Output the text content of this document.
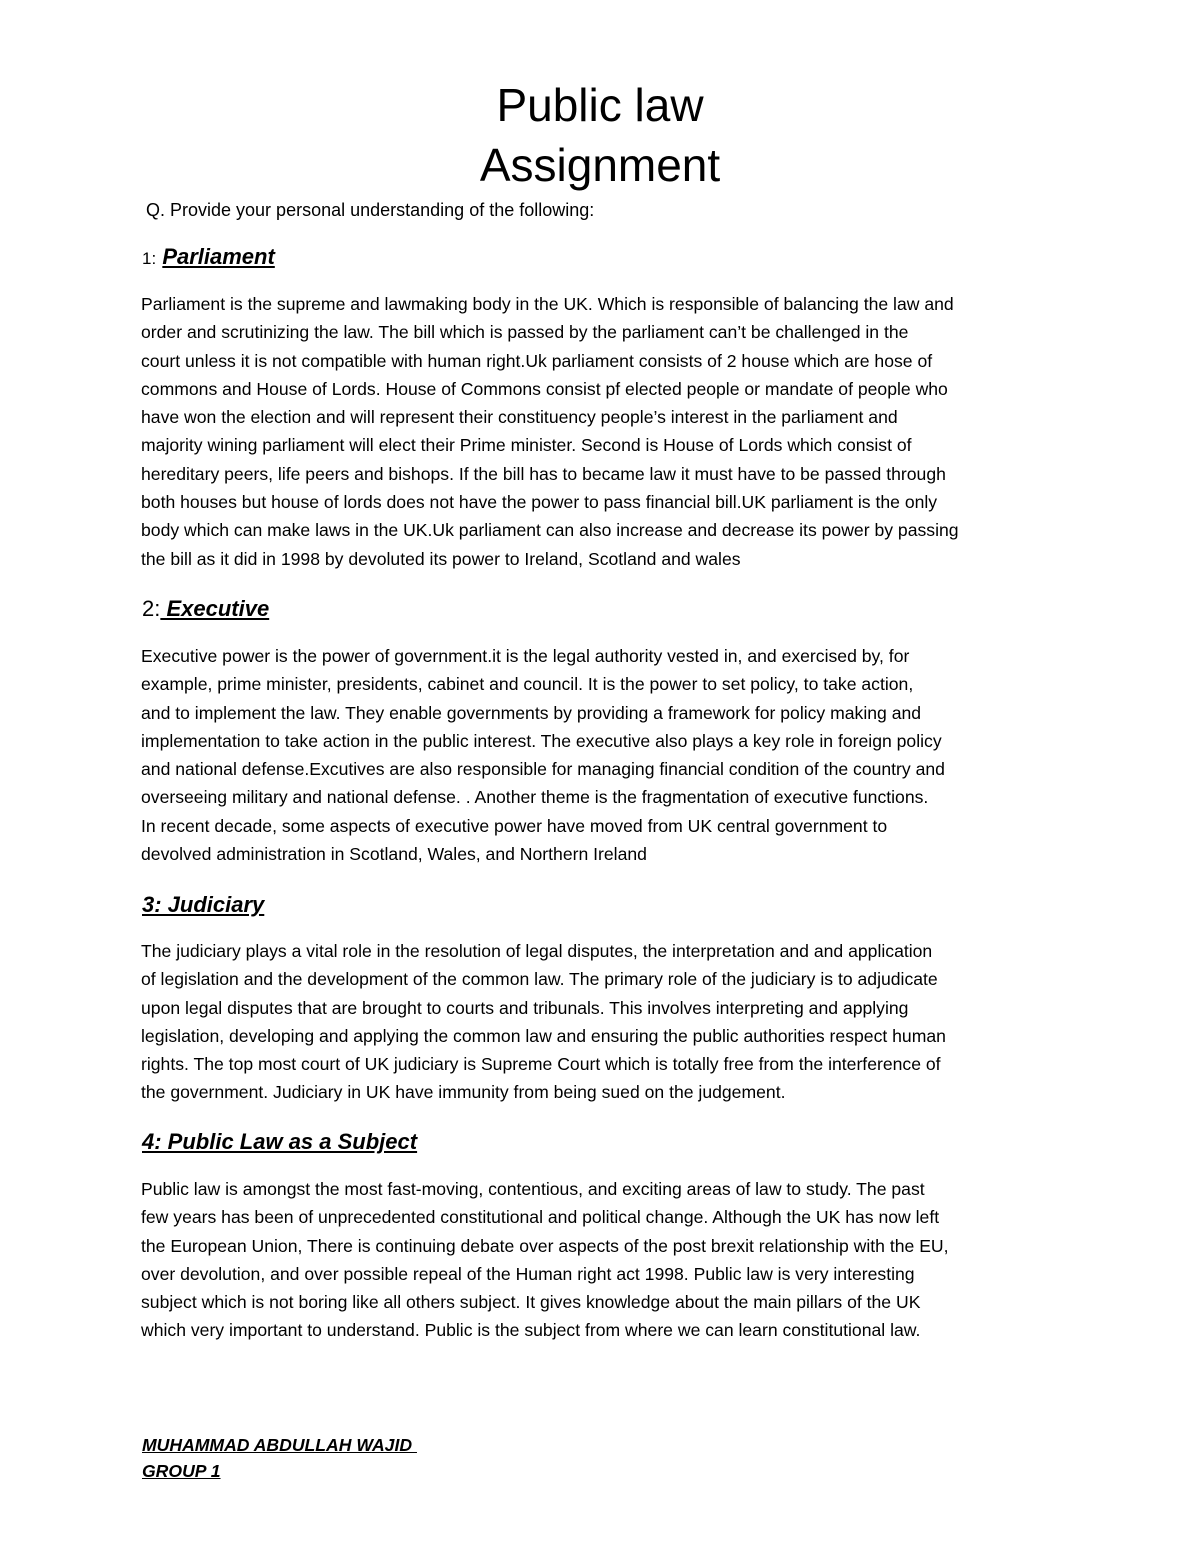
Public law
Assignment
Q. Provide your personal understanding of the following:
1: Parliament
Parliament is the supreme and lawmaking body in the UK. Which is responsible of balancing the law and
order and scrutinizing the law. The bill which is passed by the parliament can’t be challenged in the
court unless it is not compatible with human right.Uk parliament consists of 2 house which are hose of
commons and House of Lords. House of Commons consist pf elected people or mandate of people who
have won the election and will represent their constituency people’s interest in the parliament and
majority wining parliament will elect their Prime minister. Second is House of Lords which consist of
hereditary peers, life peers and bishops. If the bill has to became law it must have to be passed through
both houses but house of lords does not have the power to pass financial bill.UK parliament is the only
body which can make laws in the UK.Uk parliament can also increase and decrease its power by passing
the bill as it did in 1998 by devoluted its power to Ireland, Scotland and wales
2: Executive
Executive power is the power of government.it is the legal authority vested in, and exercised by, for
example, prime minister, presidents, cabinet and council. It is the power to set policy, to take action,
and to implement the law. They enable governments by providing a framework for policy making and
implementation to take action in the public interest. The executive also plays a key role in foreign policy
and national defense.Excutives are also responsible for managing financial condition of the country and
overseeing military and national defense. . Another theme is the fragmentation of executive functions.
In recent decade, some aspects of executive power have moved from UK central government to
devolved administration in Scotland, Wales, and Northern Ireland
3: Judiciary
The judiciary plays a vital role in the resolution of legal disputes, the interpretation and and application
of legislation and the development of the common law. The primary role of the judiciary is to adjudicate
upon legal disputes that are brought to courts and tribunals. This involves interpreting and applying
legislation, developing and applying the common law and ensuring the public authorities respect human
rights. The top most court of UK judiciary is Supreme Court which is totally free from the interference of
the government. Judiciary in UK have immunity from being sued on the judgement.
4: Public Law as a Subject
Public law is amongst the most fast-moving, contentious, and exciting areas of law to study. The past
few years has been of unprecedented constitutional and political change. Although the UK has now left
the European Union, There is continuing debate over aspects of the post brexit relationship with the EU,
over devolution, and over possible repeal of the Human right act 1998. Public law is very interesting
subject which is not boring like all others subject. It gives knowledge about the main pillars of the UK
which very important to understand. Public is the subject from where we can learn constitutional law.
MUHAMMAD ABDULLAH WAJID
GROUP 1
